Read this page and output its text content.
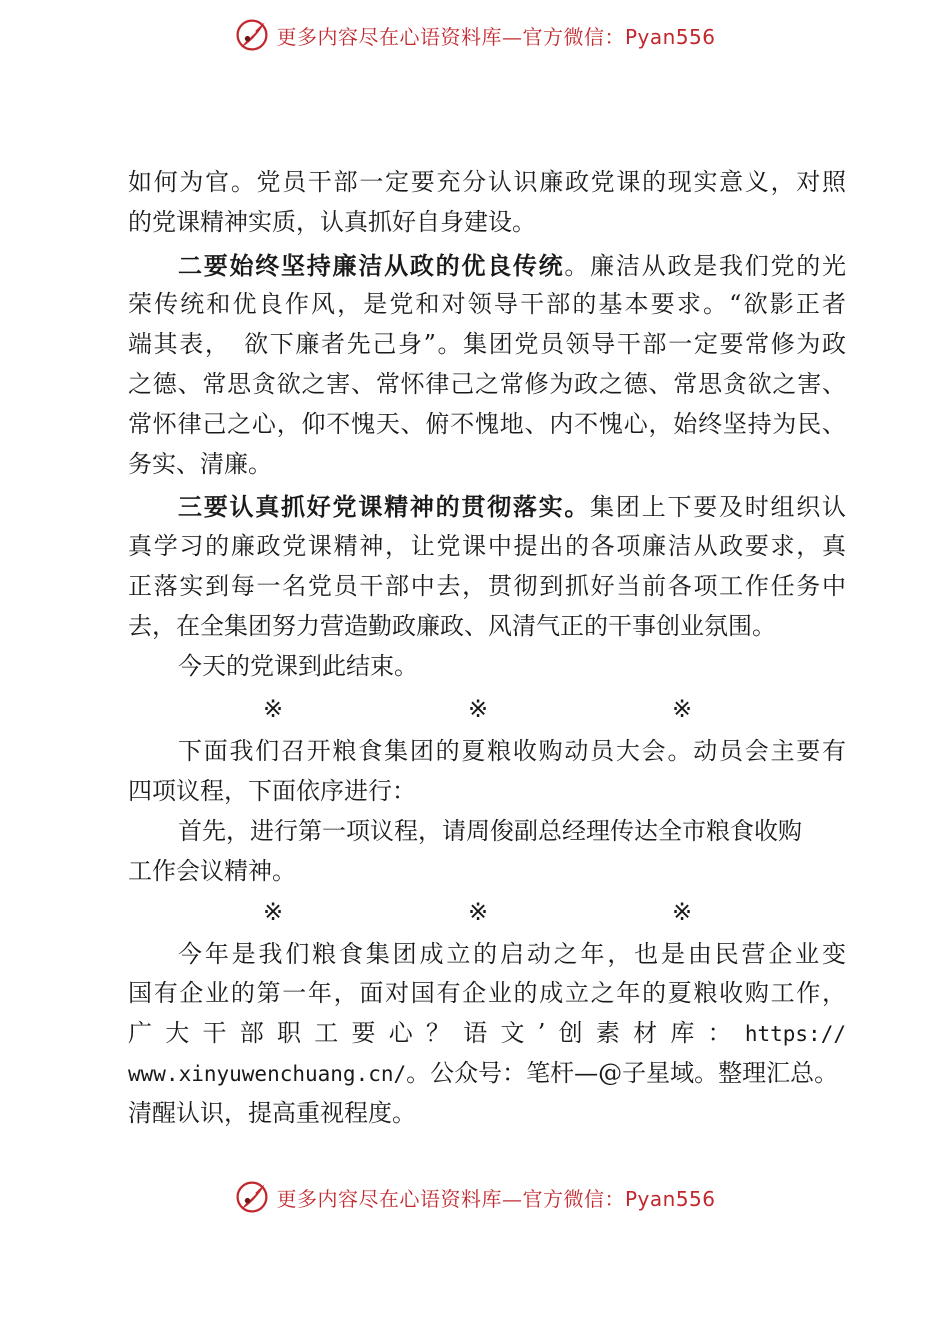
更多内容尽在心语资料库—官方微信：Pyan556
如何为官。党员干部一定要充分认识廉政党课的现实意义，对照
的党课精神实质，认真抓好自身建设。
二要始终坚持廉洁从政的优良传统。廉洁从政是我们党的光
荣传统和优良作风，是党和对领导干部的基本要求。“欲影正者
端其表，　欲下廉者先己身”。集团党员领导干部一定要常修为政
之德、常思贪欲之害、常怀律己之常修为政之德、常思贪欲之害、
常怀律己之心，仰不愧天、俯不愧地、内不愧心，始终坚持为民、
务实、清廉。
三要认真抓好党课精神的贯彻落实。集团上下要及时组织认
真学习的廉政党课精神，让党课中提出的各项廉洁从政要求，真
正落实到每一名党员干部中去，贯彻到抓好当前各项工作任务中
去，在全集团努力营造勤政廉政、风清气正的干事创业氛围。
今天的党课到此结束。
※	※	※
下面我们召开粮食集团的夏粮收购动员大会。动员会主要有
四项议程，下面依序进行：
首先，进行第一项议程，请周俊副总经理传达全市粮食收购
工作会议精神。
※	※	※
今年是我们粮食集团成立的启动之年，也是由民营企业变
国有企业的第一年，面对国有企业的成立之年的夏粮收购工作，
广大干部职工要心？语文’创素材库：https://
www.xinyuwenchuang.cn/。公众号：笔杆—@子星域。整理汇总。
清醒认识，提高重视程度。
更多内容尽在心语资料库—官方微信：Pyan556
